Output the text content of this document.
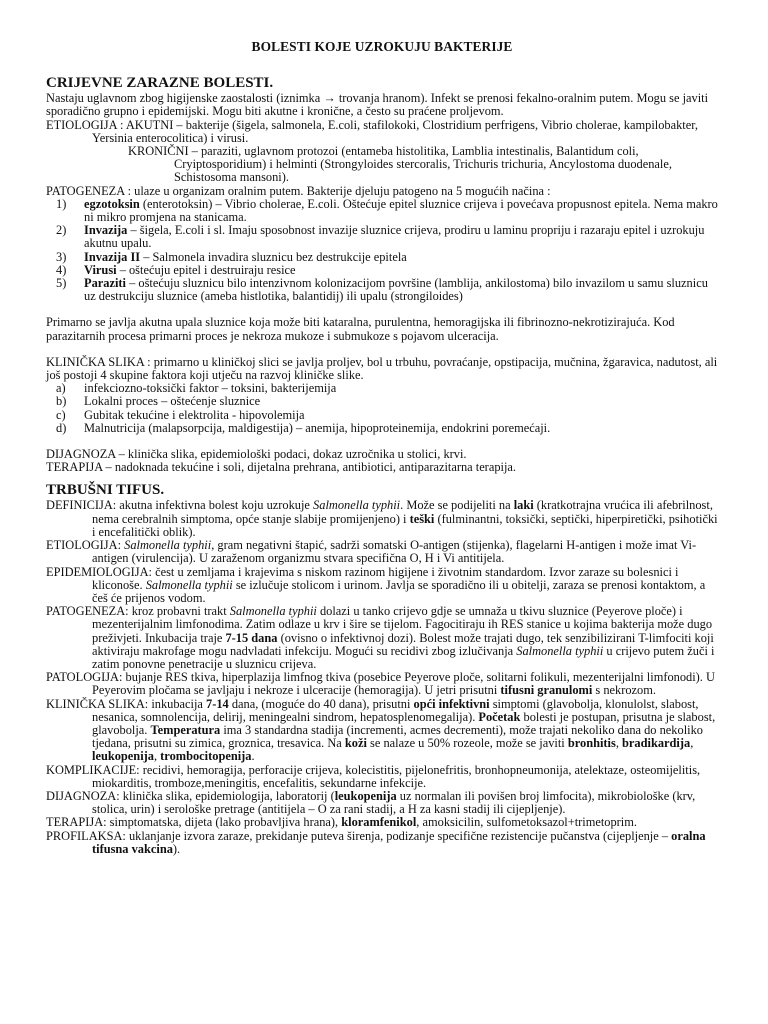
BOLESTI KOJE UZROKUJU BAKTERIJE

CRIJEVNE ZARAZNE BOLESTI.

Nastaju uglavnom zbog higijenske zaostalosti (iznimka → trovanja hranom). Infekt se prenosi fekalno-oralnim putem. Mogu se javiti sporadično grupno i epidemijski. Mogu biti akutne i kronične, a često su praćene proljevom.

ETIOLOGIJA : AKUTNI – bakterije (šigela, salmonela, E.coli, stafilokoki, Clostridium perfrigens, Vibrio cholerae, kampilobakter, Yersinia enterocolitica) i virusi.

KRONIČNI – paraziti, uglavnom protozoi (entameba histolitika, Lamblia intestinalis, Balantidum coli, Cryiptosporidium) i helminti (Strongyloides stercoralis, Trichuris trichuria, Ancylostoma duodenale, Schistosoma mansoni).

PATOGENEZA : ulaze u organizam oralnim putem. Bakterije djeluju patogeno na 5 mogućih načina :

1)	egzotoksin (enterotoksin) – Vibrio cholerae, E.coli. Oštećuje epitel sluznice crijeva i povećava propusnost epitela. Nema makro ni mikro promjena na stanicama.
2)	Invazija – šigela, E.coli i sl. Imaju sposobnost invazije sluznice crijeva, prodiru u laminu propriju i razaraju epitel i uzrokuju akutnu upalu.
3)	Invazija II – Salmonela invadira sluznicu bez destrukcije epitela
4)	Virusi – oštećuju epitel i destruiraju resice
5)	Paraziti – oštećuju sluznicu bilo intenzivnom kolonizacijom površine (lamblija, ankilostoma) bilo invazilom u samu sluznicu uz destrukciju sluznice (ameba histlotika, balantidij) ili upalu (strongiloides)

Primarno se javlja akutna upala sluznice koja može biti kataralna, purulentna, hemoragijska ili fibrinozno-nekrotizirajuća. Kod parazitarnih procesa primarni proces je nekroza mukoze i submukoze s pojavom ulceracija.

KLINIČKA SLIKA : primarno u kliničkoj slici se javlja proljev, bol u trbuhu, povraćanje, opstipacija, mučnina, žgaravica, nadutost, ali još postoji 4 skupine faktora koji utječu na razvoj kliničke slike.

a)	infekciozno-toksički faktor – toksini, bakterijemija
b)	Lokalni proces – oštećenje sluznice
c)	Gubitak tekućine i elektrolita - hipovolemija
d)	Malnutricija (malapsorpcija, maldigestija) – anemija, hipoproteinemija, endokrini poremećaji.

DIJAGNOZA – klinička slika, epidemiološki podaci, dokaz uzročnika u stolici, krvi.

TERAPIJA – nadoknada tekućine i soli, dijetalna prehrana, antibiotici, antiparazitarna terapija.

TRBUŠNI TIFUS.

DEFINICIJA: akutna infektivna bolest koju uzrokuje Salmonella typhii. Može se podijeliti na laki (kratkotrajna vrućica ili afebrilnost, nema cerebralnih simptoma, opće stanje slabije promijenjeno) i teški (fulminantni, toksički, septički, hiperpiretički, psihotički i encefalitički oblik).

ETIOLOGIJA: Salmonella typhii, gram negativni štapić, sadrži somatski O-antigen (stijenka), flagelarni H-antigen i može imat Vi-antigen (virulencija). U zaraženom organizmu stvara specifična O, H i Vi antitijela.

EPIDEMIOLOGIJA: čest u zemljama i krajevima s niskom razinom higijene i životnim standardom. Izvor zaraze su bolesnici i kliconoše. Salmonella typhii se izlučuje stolicom i urinom. Javlja se sporadično ili u obitelji, zaraza se prenosi kontaktom, a češ će prijenos vodom.

PATOGENEZA: kroz probavni trakt Salmonella typhii dolazi u tanko crijevo gdje se umnaža u tkivu sluznice (Peyerove ploče) i mezenterijalnim limfonodima. Zatim odlaze u krv i šire se tijelom. Fagocitiraju ih RES stanice u kojima bakterija može dugo preživjeti. Inkubacija traje 7-15 dana (ovisno o infektivnoj dozi). Bolest može trajati dugo, tek senzibilizirani T-limfociti koji aktiviraju makrofage mogu nadvladati infekciju. Mogući su recidivi zbog izlučivanja Salmonella typhii u crijevo putem žuči i zatim ponovne penetracije u sluznicu crijeva.

PATOLOGIJA: bujanje RES tkiva, hiperplazija limfnog tkiva (posebice Peyerove ploče, solitarni folikuli, mezenterijalni limfonodi). U Peyerovim pločama se javljaju i nekroze i ulceracije (hemoragija). U jetri prisutni tifusni granulomi s nekrozom.

KLINIČKA SLIKA: inkubacija 7-14 dana, (moguće do 40 dana), prisutni opći infektivni simptomi (glavobolja, klonulolst, slabost, nesanica, somnolencija, delirij, meningealni sindrom, hepatosplenomegalija). Početak bolesti je postupan, prisutna je slabost, glavobolja. Temperatura ima 3 standardna stadija (incrementi, acmes decrementi), može trajati nekoliko dana do nekoliko tjedana, prisutni su zimica, groznica, tresavica. Na koži se nalaze u 50% rozeole, može se javiti bronhitis, bradikardija, leukopenija, trombocitopenija.

KOMPLIKACIJE: recidivi, hemoragija, perforacije crijeva, kolecistitis, pijelonefritis, bronhopneumonija, atelektaze, osteomijelitis, miokarditis, tromboze,meningitis, encefalitis, sekundarne infekcije.

DIJAGNOZA: klinička slika, epidemiologija, laboratorij (leukopenija uz normalan ili povišen broj limfocita), mikrobiološke (krv, stolica, urin) i serološke pretrage (antitijela – O za rani stadij, a H za kasni stadij ili cijepljenje).

TERAPIJA: simptomatska, dijeta (lako probavljiva hrana), kloramfenikol, amoksicilin, sulfometoksazol+trimetoprim.

PROFILAKSA: uklanjanje izvora zaraze, prekidanje puteva širenja, podizanje specifične rezistencije pučanstva (cijepljenje – oralna tifusna vakcina).
